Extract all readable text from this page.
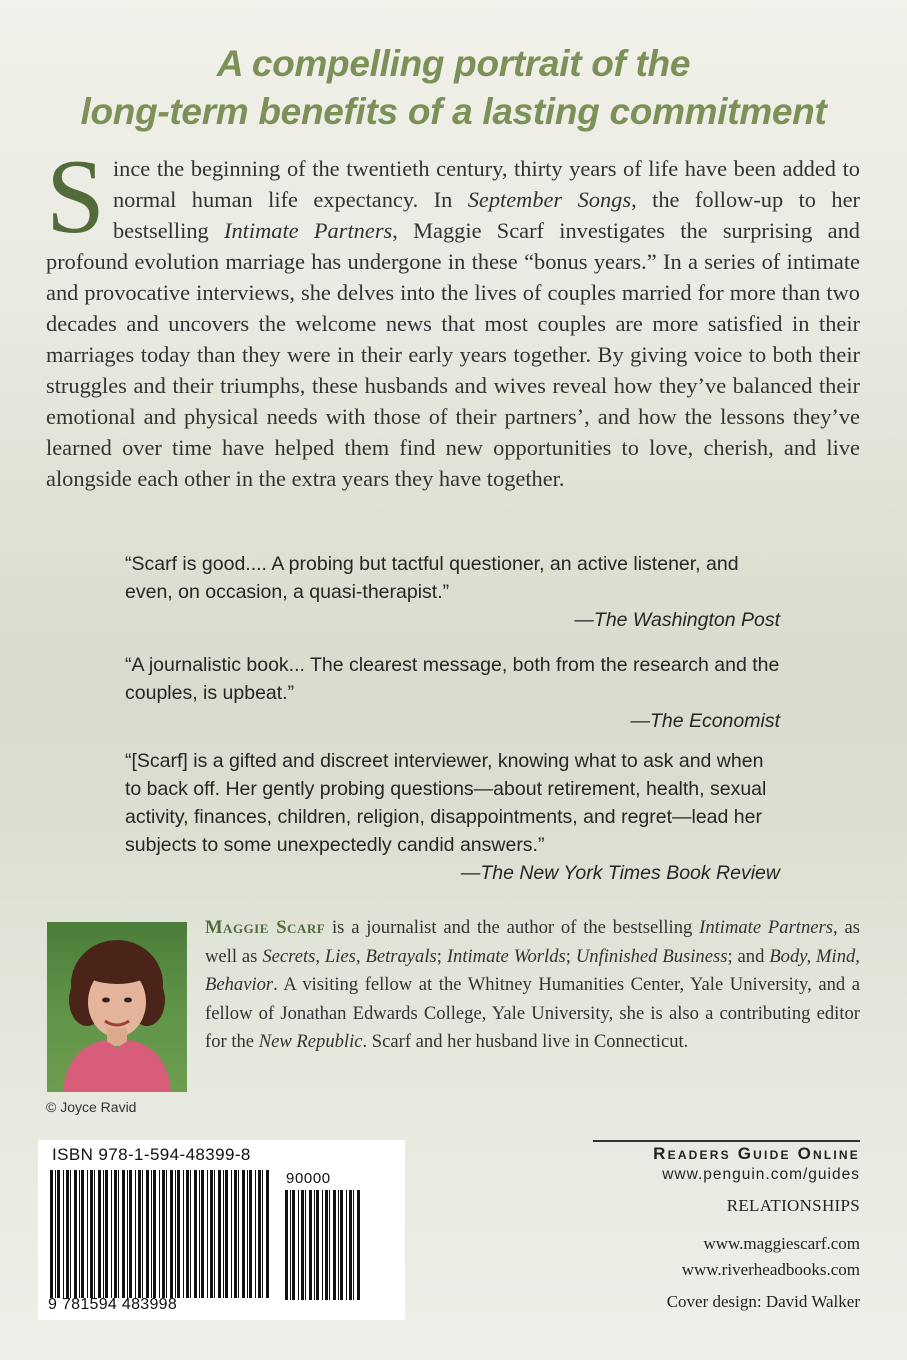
A compelling portrait of the
long-term benefits of a lasting commitment
Since the beginning of the twentieth century, thirty years of life have been added to normal human life expectancy. In September Songs, the follow-up to her bestselling Intimate Partners, Maggie Scarf investigates the surprising and profound evolution marriage has undergone in these “bonus years.” In a series of intimate and provocative interviews, she delves into the lives of couples married for more than two decades and uncovers the welcome news that most couples are more satisfied in their marriages today than they were in their early years together. By giving voice to both their struggles and their triumphs, these husbands and wives reveal how they’ve balanced their emotional and physical needs with those of their partners’, and how the lessons they’ve learned over time have helped them find new opportunities to love, cherish, and live alongside each other in the extra years they have together.
“Scarf is good.... A probing but tactful questioner, an active listener, and even, on occasion, a quasi-therapist.”
—The Washington Post
“A journalistic book... The clearest message, both from the research and the couples, is upbeat.”
—The Economist
“[Scarf] is a gifted and discreet interviewer, knowing what to ask and when to back off. Her gently probing questions—about retirement, health, sexual activity, finances, children, religion, disappointments, and regret—lead her subjects to some unexpectedly candid answers.”
—The New York Times Book Review
© Joyce Ravid
Maggie Scarf is a journalist and the author of the bestselling Intimate Partners, as well as Secrets, Lies, Betrayals; Intimate Worlds; Unfinished Business; and Body, Mind, Behavior. A visiting fellow at the Whitney Humanities Center, Yale University, and a fellow of Jonathan Edwards College, Yale University, she is also a contributing editor for the New Republic. Scarf and her husband live in Connecticut.
ISBN 978-1-594-48399-8
90000
9 781594 483998
Readers Guide Online
www.penguin.com/guides
RELATIONSHIPS
www.maggiescarf.com
www.riverheadbooks.com
Cover design: David Walker
